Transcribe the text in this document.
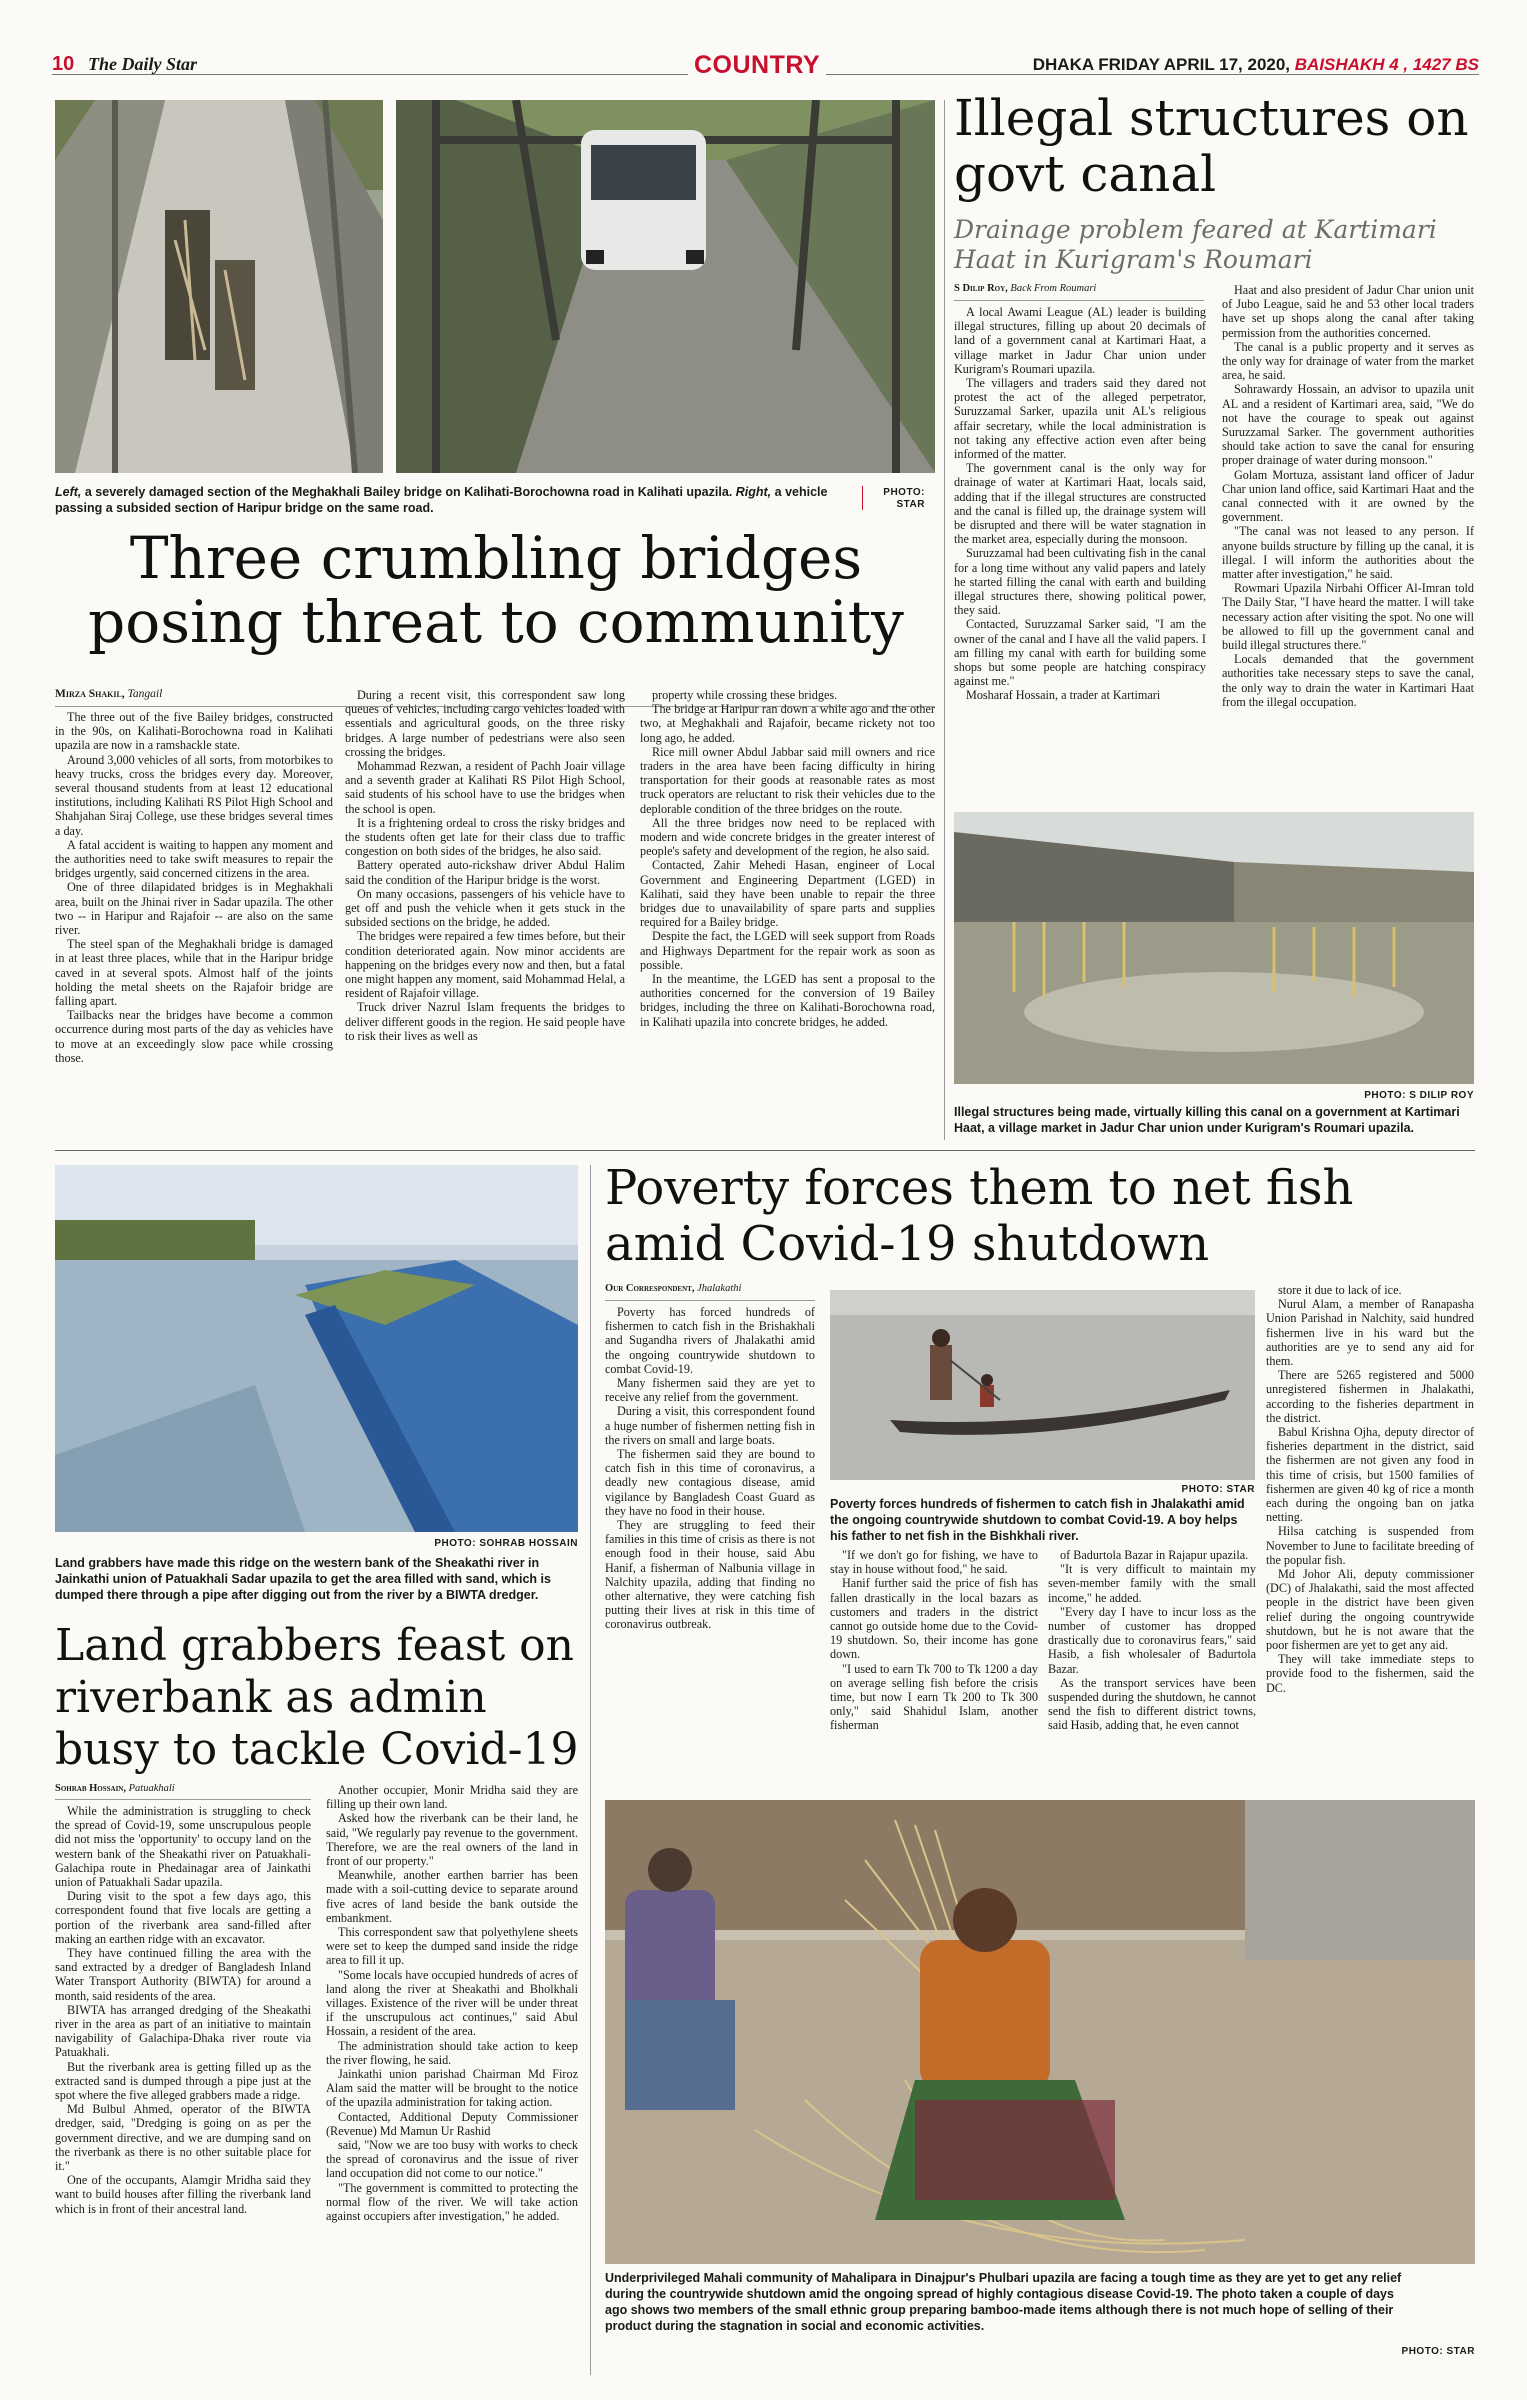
10 The Daily Star	COUNTRY	DHAKA FRIDAY APRIL 17, 2020, BAISHAKH 4 , 1427 BS
Left, a severely damaged section of the Meghakhali Bailey bridge on Kalihati-Borochowna road in Kalihati upazila. Right, a vehicle passing a subsided section of Haripur bridge on the same road.
PHOTO:
STAR
Three crumbling bridges posing threat to community
Mirza Shakil, Tangail

The three out of the five Bailey bridges, constructed in the 90s, on Kalihati-Borochowna road in Kalihati upazila are now in a ramshackle state.

Around 3,000 vehicles of all sorts, from motorbikes to heavy trucks, cross the bridges every day. Moreover, several thousand students from at least 12 educational institutions, including Kalihati RS Pilot High School and Shahjahan Siraj College, use these bridges several times a day.

A fatal accident is waiting to happen any moment and the authorities need to take swift measures to repair the bridges urgently, said concerned citizens in the area.

One of three dilapidated bridges is in Meghakhali area, built on the Jhinai river in Sadar upazila. The other two -- in Haripur and Rajafoir -- are also on the same river.

The steel span of the Meghakhali bridge is damaged in at least three places, while that in the Haripur bridge caved in at several spots. Almost half of the joints holding the metal sheets on the Rajafoir bridge are falling apart.

Tailbacks near the bridges have become a common occurrence during most parts of the day as vehicles have to move at an exceedingly slow pace while crossing those.

During a recent visit, this correspondent saw long queues of vehicles, including cargo vehicles loaded with essentials and agricultural goods, on the three risky bridges. A large number of pedestrians were also seen crossing the bridges.

Mohammad Rezwan, a resident of Pachh Joair village and a seventh grader at Kalihati RS Pilot High School, said students of his school have to use the bridges when the school is open.

It is a frightening ordeal to cross the risky bridges and the students often get late for their class due to traffic congestion on both sides of the bridges, he also said.

Battery operated auto-rickshaw driver Abdul Halim said the condition of the Haripur bridge is the worst.

On many occasions, passengers of his vehicle have to get off and push the vehicle when it gets stuck in the subsided sections on the bridge, he added.

The bridges were repaired a few times before, but their condition deteriorated again. Now minor accidents are happening on the bridges every now and then, but a fatal one might happen any moment, said Mohammad Helal, a resident of Rajafoir village.

Truck driver Nazrul Islam frequents the bridges to deliver different goods in the region. He said people have to risk their lives as well as

property while crossing these bridges.

The bridge at Haripur ran down a while ago and the other two, at Meghakhali and Rajafoir, became rickety not too long ago, he added.

Rice mill owner Abdul Jabbar said mill owners and rice traders in the area have been facing difficulty in hiring transportation for their goods at reasonable rates as most truck operators are reluctant to risk their vehicles due to the deplorable condition of the three bridges on the route.

All the three bridges now need to be replaced with modern and wide concrete bridges in the greater interest of people's safety and development of the region, he also said.

Contacted, Zahir Mehedi Hasan, engineer of Local Government and Engineering Department (LGED) in Kalihati, said they have been unable to repair the three bridges due to unavailability of spare parts and supplies required for a Bailey bridge.

Despite the fact, the LGED will seek support from Roads and Highways Department for the repair work as soon as possible.

In the meantime, the LGED has sent a proposal to the authorities concerned for the conversion of 19 Bailey bridges, including the three on Kalihati-Borochowna road, in Kalihati upazila into concrete bridges, he added.

Illegal structures on govt canal
Drainage problem feared at Kartimari Haat in Kurigram's Roumari
S Dilip Roy, Back From Roumari

A local Awami League (AL) leader is building illegal structures, filling up about 20 decimals of land of a government canal at Kartimari Haat, a village market in Jadur Char union under Kurigram's Roumari upazila.

The villagers and traders said they dared not protest the act of the alleged perpetrator, Suruzzamal Sarker, upazila unit AL's religious affair secretary, while the local administration is not taking any effective action even after being informed of the matter.

The government canal is the only way for drainage of water at Kartimari Haat, locals said, adding that if the illegal structures are constructed and the canal is filled up, the drainage system will be disrupted and there will be water stagnation in the market area, especially during the monsoon.

Suruzzamal had been cultivating fish in the canal for a long time without any valid papers and lately he started filling the canal with earth and building illegal structures there, showing political power, they said.

Contacted, Suruzzamal Sarker said, "I am the owner of the canal and I have all the valid papers. I am filling my canal with earth for building some shops but some people are hatching conspiracy against me."

Mosharaf Hossain, a trader at Kartimari

Haat and also president of Jadur Char union unit of Jubo League, said he and 53 other local traders have set up shops along the canal after taking permission from the authorities concerned.

The canal is a public property and it serves as the only way for drainage of water from the market area, he said.

Sohrawardy Hossain, an advisor to upazila unit AL and a resident of Kartimari area, said, "We do not have the courage to speak out against Suruzzamal Sarker. The government authorities should take action to save the canal for ensuring proper drainage of water during monsoon."

Golam Mortuza, assistant land officer of Jadur Char union land office, said Kartimari Haat and the canal connected with it are owned by the government.

"The canal was not leased to any person. If anyone builds structure by filling up the canal, it is illegal. I will inform the authorities about the matter after investigation," he said.

Rowmari Upazila Nirbahi Officer Al-Imran told The Daily Star, "I have heard the matter. I will take necessary action after visiting the spot. No one will be allowed to fill up the government canal and build illegal structures there."

Locals demanded that the government authorities take necessary steps to save the canal, the only way to drain the water in Kartimari Haat from the illegal occupation.

PHOTO: S DILIP ROY
Illegal structures being made, virtually killing this canal on a government at Kartimari Haat, a village market in Jadur Char union under Kurigram's Roumari upazila.
PHOTO: SOHRAB HOSSAIN
Land grabbers have made this ridge on the western bank of the Sheakathi river in Jainkathi union of Patuakhali Sadar upazila to get the area filled with sand, which is dumped there through a pipe after digging out from the river by a BIWTA dredger.
Land grabbers feast on riverbank as admin busy to tackle Covid-19
Sohrab Hossain, Patuakhali

While the administration is struggling to check the spread of Covid-19, some unscrupulous people did not miss the 'opportunity' to occupy land on the western bank of the Sheakathi river on Patuakhali-Galachipa route in Phedainagar area of Jainkathi union of Patuakhali Sadar upazila.

During visit to the spot a few days ago, this correspondent found that five locals are getting a portion of the riverbank area sand-filled after making an earthen ridge with an excavator.

They have continued filling the area with the sand extracted by a dredger of Bangladesh Inland Water Transport Authority (BIWTA) for around a month, said residents of the area.

BIWTA has arranged dredging of the Sheakathi river in the area as part of an initiative to maintain navigability of Galachipa-Dhaka river route via Patuakhali.

But the riverbank area is getting filled up as the extracted sand is dumped through a pipe just at the spot where the five alleged grabbers made a ridge.

Md Bulbul Ahmed, operator of the BIWTA dredger, said, "Dredging is going on as per the government directive, and we are dumping sand on the riverbank as there is no other suitable place for it."

One of the occupants, Alamgir Mridha said they want to build houses after filling the riverbank land which is in front of their ancestral land.

Another occupier, Monir Mridha said they are filling up their own land.

Asked how the riverbank can be their land, he said, "We regularly pay revenue to the government. Therefore, we are the real owners of the land in front of our property."

Meanwhile, another earthen barrier has been made with a soil-cutting device to separate around five acres of land beside the bank outside the embankment.

This correspondent saw that polyethylene sheets were set to keep the dumped sand inside the ridge area to fill it up.

"Some locals have occupied hundreds of acres of land along the river at Sheakathi and Bholkhali villages. Existence of the river will be under threat if the unscrupulous act continues," said Abul Hossain, a resident of the area.

The administration should take action to keep the river flowing, he said.

Jainkathi union parishad Chairman Md Firoz Alam said the matter will be brought to the notice of the upazila administration for taking action.

Contacted, Additional Deputy Commissioner (Revenue) Md Mamun Ur Rashid

said, "Now we are too busy with works to check the spread of coronavirus and the issue of river land occupation did not come to our notice."

"The government is committed to protecting the normal flow of the river. We will take action against occupiers after investigation," he added.

Poverty forces them to net fish amid Covid-19 shutdown
Our Correspondent, Jhalakathi

Poverty has forced hundreds of fishermen to catch fish in the Brishakhali and Sugandha rivers of Jhalakathi amid the ongoing countrywide shutdown to combat Covid-19.

Many fishermen said they are yet to receive any relief from the government.

During a visit, this correspondent found a huge number of fishermen netting fish in the rivers on small and large boats.

The fishermen said they are bound to catch fish in this time of coronavirus, a deadly new contagious disease, amid vigilance by Bangladesh Coast Guard as they have no food in their house.

They are struggling to feed their families in this time of crisis as there is not enough food in their house, said Abu Hanif, a fisherman of Nalbunia village in Nalchity upazila, adding that finding no other alternative, they were catching fish putting their lives at risk in this time of coronavirus outbreak.

PHOTO: STAR
Poverty forces hundreds of fishermen to catch fish in Jhalakathi amid the ongoing countrywide shutdown to combat Covid-19. A boy helps his father to net fish in the Bishkhali river.

"If we don't go for fishing, we have to stay in house without food," he said.

Hanif further said the price of fish has fallen drastically in the local bazars as customers and traders in the district cannot go outside home due to the Covid-19 shutdown. So, their income has gone down.

"I used to earn Tk 700 to Tk 1200 a day on average selling fish before the crisis time, but now I earn Tk 200 to Tk 300 only," said Shahidul Islam, another fisherman

of Badurtola Bazar in Rajapur upazila.

"It is very difficult to maintain my seven-member family with the small income," he added.

"Every day I have to incur loss as the number of customer has dropped drastically due to coronavirus fears," said Hasib, a fish wholesaler of Badurtola Bazar.

As the transport services have been suspended during the shutdown, he cannot send the fish to different district towns, said Hasib, adding that, he even cannot

store it due to lack of ice.

Nurul Alam, a member of Ranapasha Union Parishad in Nalchity, said hundred fishermen live in his ward but the authorities are ye to send any aid for them.

There are 5265 registered and 5000 unregistered fishermen in Jhalakathi, according to the fisheries department in the district.

Babul Krishna Ojha, deputy director of fisheries department in the district, said the fishermen are not given any food in this time of crisis, but 1500 families of fishermen are given 40 kg of rice a month each during the ongoing ban on jatka netting.

Hilsa catching is suspended from November to June to facilitate breeding of the popular fish.

Md Johor Ali, deputy commissioner (DC) of Jhalakathi, said the most affected people in the district have been given relief during the ongoing countrywide shutdown, but he is not aware that the poor fishermen are yet to get any aid.

They will take immediate steps to provide food to the fishermen, said the DC.

Underprivileged Mahali community of Mahalipara in Dinajpur's Phulbari upazila are facing a tough time as they are yet to get any relief during the countrywide shutdown amid the ongoing spread of highly contagious disease Covid-19. The photo taken a couple of days ago shows two members of the small ethnic group preparing bamboo-made items although there is not much hope of selling of their product during the stagnation in social and economic activities.
PHOTO: STAR
